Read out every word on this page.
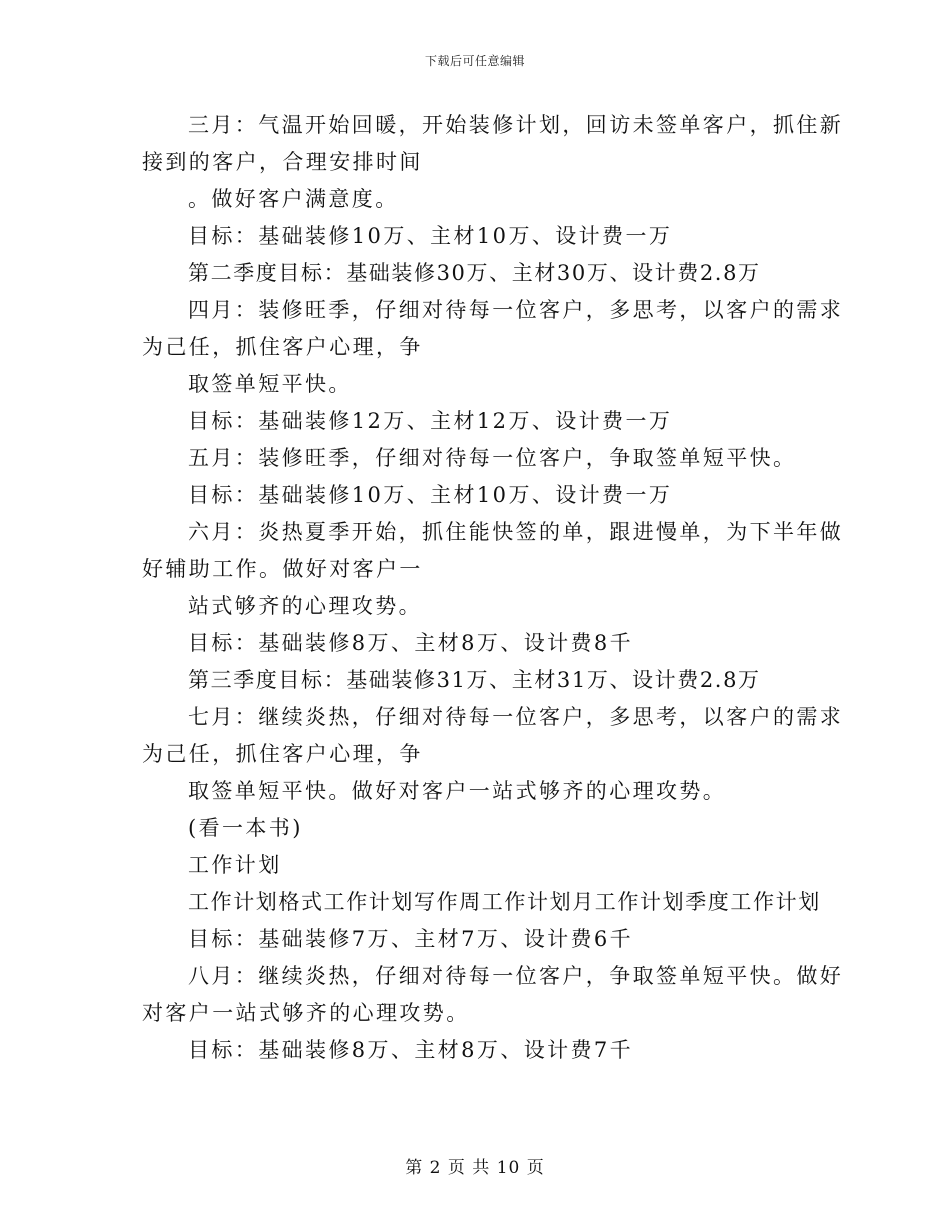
下载后可任意编辑
三月：气温开始回暖，开始装修计划，回访未签单客户，抓住新
接到的客户，合理安排时间
。做好客户满意度。
目标：基础装修10万、主材10万、设计费一万
第二季度目标：基础装修30万、主材30万、设计费2.8万
四月：装修旺季，仔细对待每一位客户，多思考，以客户的需求
为己任，抓住客户心理，争
取签单短平快。
目标：基础装修12万、主材12万、设计费一万
五月：装修旺季，仔细对待每一位客户，争取签单短平快。
目标：基础装修10万、主材10万、设计费一万
六月：炎热夏季开始，抓住能快签的单，跟进慢单，为下半年做
好辅助工作。做好对客户一
站式够齐的心理攻势。
目标：基础装修8万、主材8万、设计费8千
第三季度目标：基础装修31万、主材31万、设计费2.8万
七月：继续炎热，仔细对待每一位客户，多思考，以客户的需求
为己任，抓住客户心理，争
取签单短平快。做好对客户一站式够齐的心理攻势。
(看一本书)
工作计划
工作计划格式工作计划写作周工作计划月工作计划季度工作计划
目标：基础装修7万、主材7万、设计费6千
八月：继续炎热，仔细对待每一位客户，争取签单短平快。做好
对客户一站式够齐的心理攻势。
目标：基础装修8万、主材8万、设计费7千
第 2 页 共 10 页
